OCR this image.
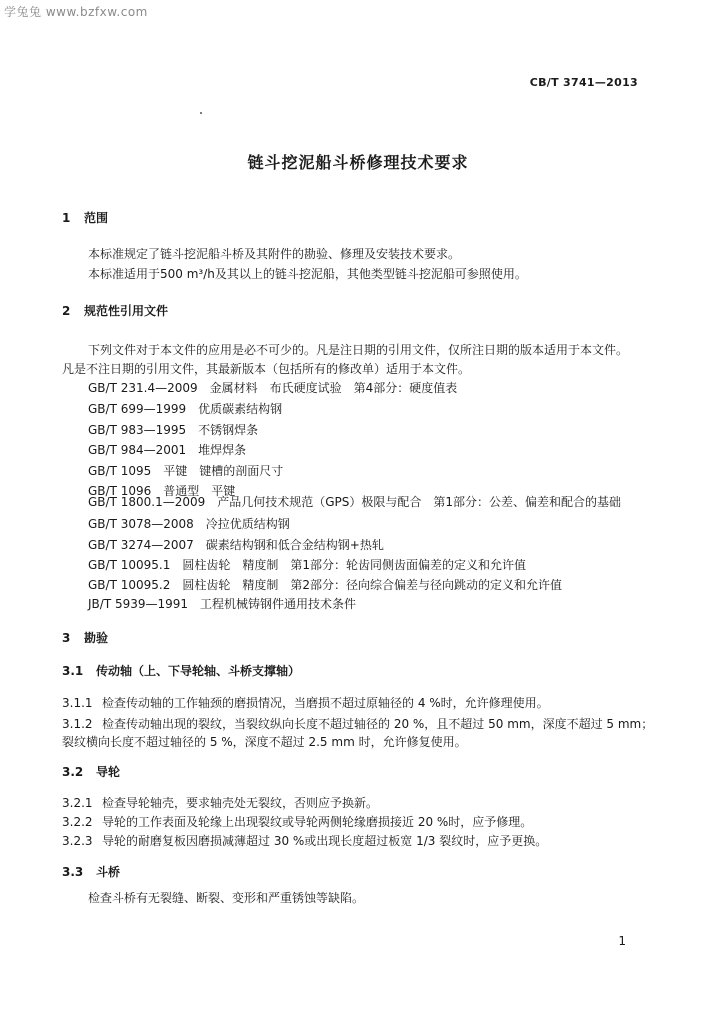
学兔兔 www.bzfxw.com
CB/T 3741—2013
链斗挖泥船斗桥修理技术要求
1 范围
本标准规定了链斗挖泥船斗桥及其附件的勘验、修理及安装技术要求。
本标准适用于500 m³/h及其以上的链斗挖泥船，其他类型链斗挖泥船可参照使用。
2 规范性引用文件
下列文件对于本文件的应用是必不可少的。凡是注日期的引用文件，仅所注日期的版本适用于本文件。
凡是不注日期的引用文件，其最新版本（包括所有的修改单）适用于本文件。
GB/T 231.4—2009　金属材料　布氏硬度试验　第4部分：硬度值表
GB/T 699—1999　优质碳素结构钢
GB/T 983—1995　不锈钢焊条
GB/T 984—2001　堆焊焊条
GB/T 1095　平键　键槽的剖面尺寸
GB/T 1096　普通型　平键
GB/T 1800.1—2009　产品几何技术规范（GPS）极限与配合　第1部分：公差、偏差和配合的基础
GB/T 3078—2008　冷拉优质结构钢
GB/T 3274—2007　碳素结构钢和低合金结构钢+热轧
GB/T 10095.1　圆柱齿轮　精度制　第1部分：轮齿同侧齿面偏差的定义和允许值
GB/T 10095.2　圆柱齿轮　精度制　第2部分：径向综合偏差与径向跳动的定义和允许值
JB/T 5939—1991　工程机械铸钢件通用技术条件
3 勘验
3.1 传动轴（上、下导轮轴、斗桥支撑轴）
3.1.1 检查传动轴的工作轴颈的磨损情况，当磨损不超过原轴径的 4 %时，允许修理使用。
3.1.2 检查传动轴出现的裂纹，当裂纹纵向长度不超过轴径的 20 %，且不超过 50 mm，深度不超过 5 mm；
裂纹横向长度不超过轴径的 5 %，深度不超过 2.5 mm 时，允许修复使用。
3.2 导轮
3.2.1 检查导轮轴壳，要求轴壳处无裂纹，否则应予换新。
3.2.2 导轮的工作表面及轮缘上出现裂纹或导轮两侧轮缘磨损接近 20 %时，应予修理。
3.2.3 导轮的耐磨复板因磨损减薄超过 30 %或出现长度超过板宽 1/3 裂纹时，应予更换。
3.3 斗桥
检查斗桥有无裂缝、断裂、变形和严重锈蚀等缺陷。
1
